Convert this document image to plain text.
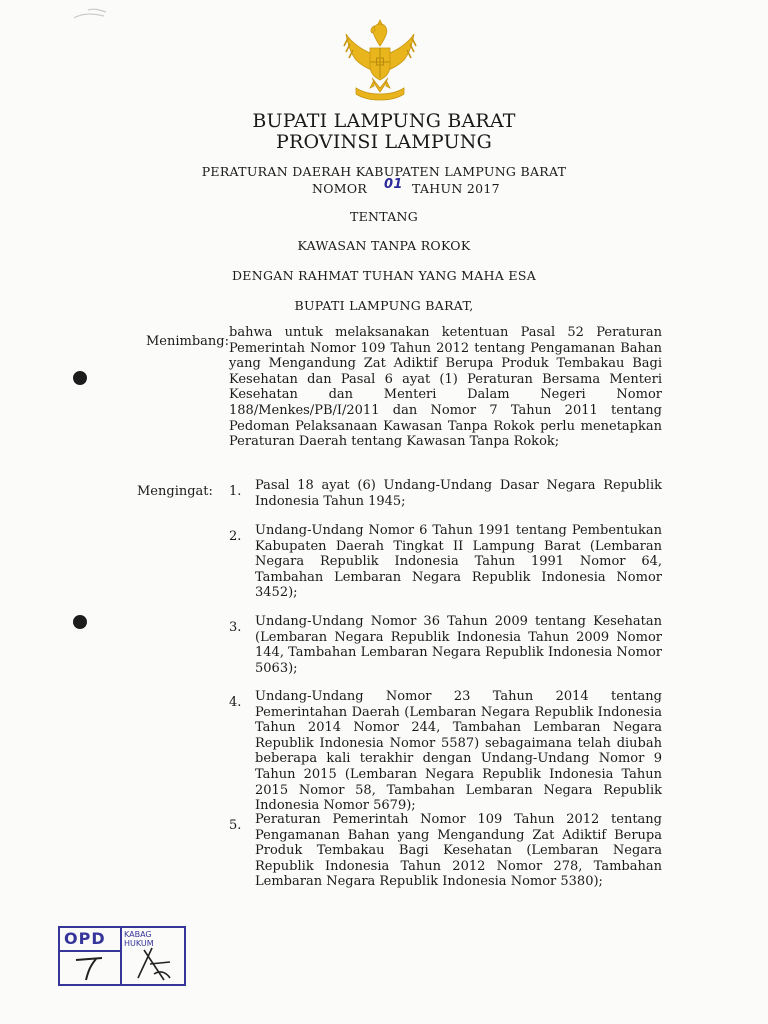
BUPATI LAMPUNG BARAT
PROVINSI LAMPUNG
PERATURAN DAERAH KABUPATEN LAMPUNG BARAT
NOMOR 01 TAHUN 2017
TENTANG
KAWASAN TANPA ROKOK
DENGAN RAHMAT TUHAN YANG MAHA ESA
BUPATI LAMPUNG BARAT,
Menimbang:
bahwa untuk melaksanakan ketentuan Pasal 52 Peraturan Pemerintah Nomor 109 Tahun 2012 tentang Pengamanan Bahan yang Mengandung Zat Adiktif Berupa Produk Tembakau Bagi Kesehatan dan Pasal 6 ayat (1) Peraturan Bersama Menteri Kesehatan dan Menteri Dalam Negeri Nomor 188/Menkes/PB/I/2011 dan Nomor 7 Tahun 2011 tentang Pedoman Pelaksanaan Kawasan Tanpa Rokok perlu menetapkan Peraturan Daerah tentang Kawasan Tanpa Rokok;
Mengingat: 1. Pasal 18 ayat (6) Undang-Undang Dasar Negara Republik Indonesia Tahun 1945;
2. Undang-Undang Nomor 6 Tahun 1991 tentang Pembentukan Kabupaten Daerah Tingkat II Lampung Barat (Lembaran Negara Republik Indonesia Tahun 1991 Nomor 64, Tambahan Lembaran Negara Republik Indonesia Nomor 3452);
3. Undang-Undang Nomor 36 Tahun 2009 tentang Kesehatan (Lembaran Negara Republik Indonesia Tahun 2009 Nomor 144, Tambahan Lembaran Negara Republik Indonesia Nomor 5063);
4. Undang-Undang Nomor 23 Tahun 2014 tentang Pemerintahan Daerah (Lembaran Negara Republik Indonesia Tahun 2014 Nomor 244, Tambahan Lembaran Negara Republik Indonesia Nomor 5587) sebagaimana telah diubah beberapa kali terakhir dengan Undang-Undang Nomor 9 Tahun 2015 (Lembaran Negara Republik Indonesia Tahun 2015 Nomor 58, Tambahan Lembaran Negara Republik Indonesia Nomor 5679);
5. Peraturan Pemerintah Nomor 109 Tahun 2012 tentang Pengamanan Bahan yang Mengandung Zat Adiktif Berupa Produk Tembakau Bagi Kesehatan (Lembaran Negara Republik Indonesia Tahun 2012 Nomor 278, Tambahan Lembaran Negara Republik Indonesia Nomor 5380);
OPD KABAG
HUKUM
